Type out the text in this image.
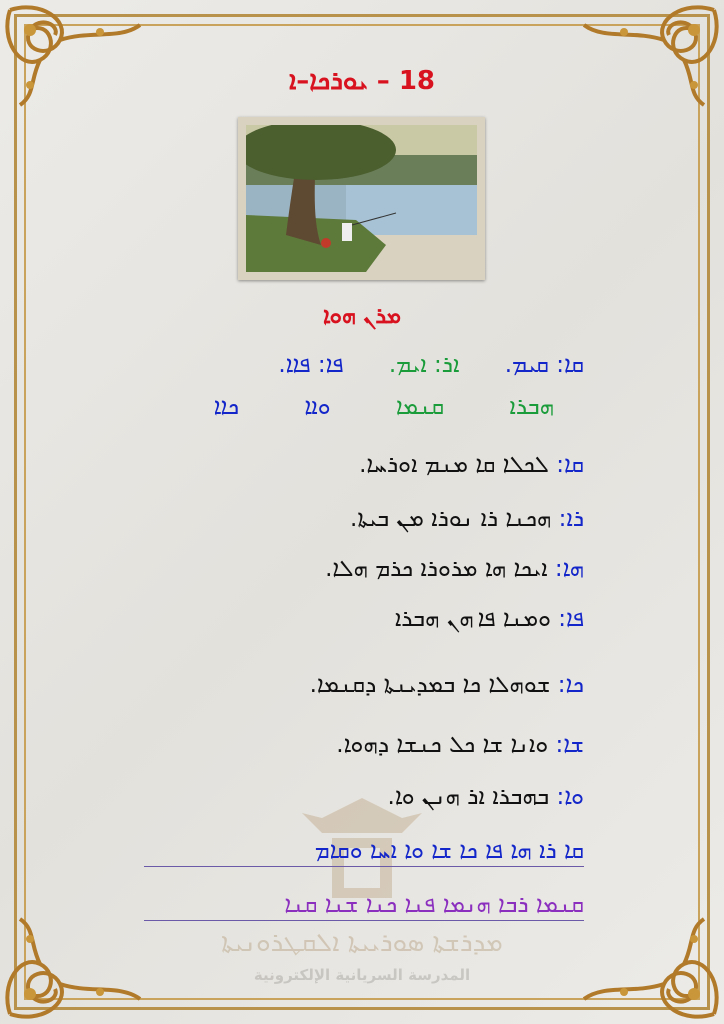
ܡܕܪܫܬܐ ܣܘܪܝܝܬܐ ܐܠܩܛܪܘܢܝܬܐ
المدرسة السريانية الإلكترونية
18 – ܝܘܪܟܐ–ܐ
ܡܪܢ ܗܘܐ
ܩܐ: ܩܝܡ. ܐܪ: ܐܝܡ. ܦܐ: ܦܐܐ.
ܗܒܪܐ ܩܢܡܐ ܘܐܐ ܟܐܐ
ܩܐ: ܠܟܠܐ ܩܐ ܡܢܡ ܐܘܪܚܐ.
ܪܐ: ܗܟܢܐ ܪܐ ܢܘܪܐ ܡܢ ܒܝܬܐ.
ܗܐ: ܐܝܟܐ ܗܐ ܡܪܘܪܐ ܟܪܡ ܗܠܐ.
ܦܐ: ܘܡܢܐ ܦܐ ܗܢ ܗܒܪܐ
ܟܐ: ܫܘܗܠܐ ܟܐ ܒܡܕܝܢܬܐ ܕܩܢܡܐ.
ܫܐ: ܘܐܢܐ ܫܐ ܟܠ ܟܢܫܐ ܕܗܘܐ.
ܘܐ: ܒܗܒܪܐ ܐܪ ܗܢܢ ܘܐ.
ܩܐ ܪܐ ܗܐ ܦܐ ܟܐ ܫܐ ܘܐ ܐܚܐ ܘܩܐܡ
ܩܢܡܐ ܪܒܐ ܗܢܡܐ ܦܢܐ ܟܢܐ ܫܢܐ ܩܢܐ
